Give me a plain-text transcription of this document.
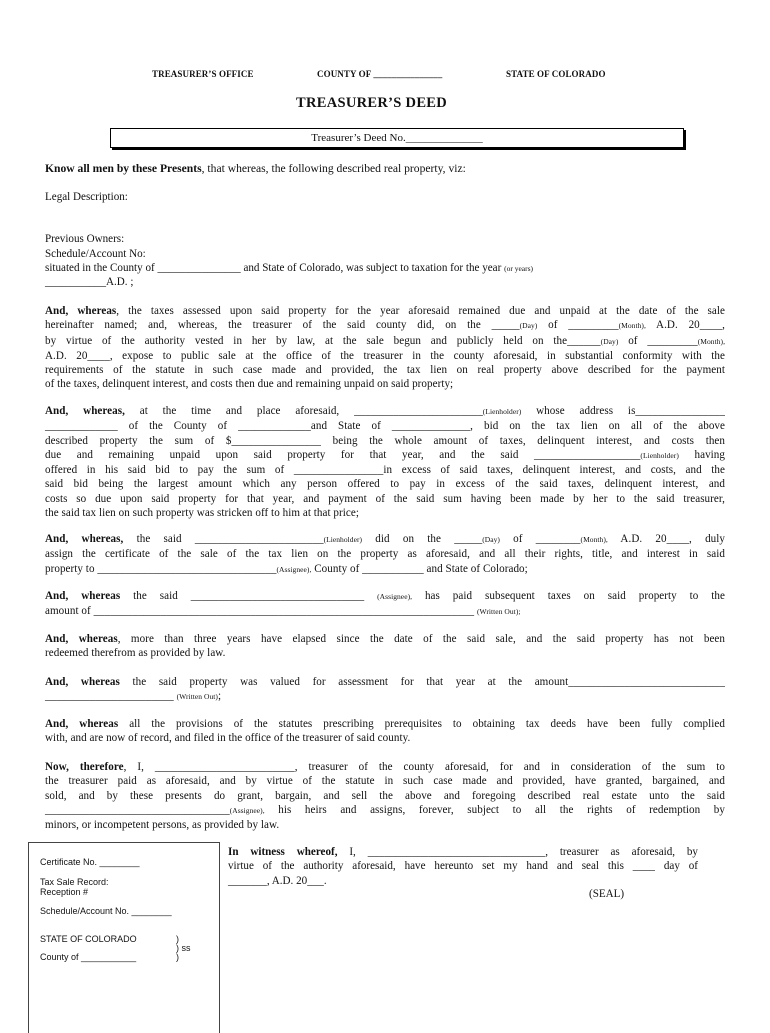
TREASURER’S OFFICE	COUNTY OF _______________	STATE OF COLORADO
TREASURER’S DEED
Treasurer’s Deed No.______________
Know all men by these Presents, that whereas, the following described real property, viz:
Legal Description:
Previous Owners:
Schedule/Account No:
situated in the County of _______________ and State of Colorado, was subject to taxation for the year (or years)
___________A.D. ;
And, whereas, the taxes assessed upon said property for the year aforesaid remained due and unpaid at the date of the sale
hereinafter named; and, whereas, the treasurer of the said county did, on the _____(Day) of _________(Month), A.D. 20____,
by virtue of the authority vested in her by law, at the sale begun and publicly held on the______(Day) of _________(Month),
A.D. 20____, expose to public sale at the office of the treasurer in the county aforesaid, in substantial conformity with the
requirements of the statute in such case made and provided, the tax lien on real property above described for the payment
of the taxes, delinquent interest, and costs then due and remaining unpaid on said property;
And, whereas, at the time and place aforesaid, _______________________(Lienholder) whose address is________________
_____________ of the County of _____________and State of ______________, bid on the tax lien on all of the above
described property the sum of $________________ being the whole amount of taxes, delinquent interest, and costs then
due and remaining unpaid upon said property for that year, and the said ___________________(Lienholder) having
offered in his said bid to pay the sum of ________________in excess of said taxes, delinquent interest, and costs, and the
said bid being the largest amount which any person offered to pay in excess of the said taxes, delinquent interest, and
costs so due upon said property for that year, and payment of the said sum having been made by her to the said treasurer,
the said tax lien on such property was stricken off to him at that price;
And, whereas, the said _______________________(Lienholder) did on the _____(Day) of ________(Month), A.D. 20____, duly
assign the certificate of the sale of the tax lien on the property as aforesaid, and all their rights, title, and interest in said
property to ________________________________(Assignee), County of ___________ and State of Colorado;
And, whereas the said _______________________________ (Assignee), has paid subsequent taxes on said property to the
amount of ____________________________________________________________________ (Written Out);
And, whereas, more than three years have elapsed since the date of the said sale, and the said property has not been
redeemed therefrom as provided by law.
And, whereas the said property was valued for assessment for that year at the amount____________________________
_______________________ (Written Out);
And, whereas all the provisions of the statutes prescribing prerequisites to obtaining tax deeds have been fully complied
with, and are now of record, and filed in the office of the treasurer of said county.
Now, therefore, I, _________________________, treasurer of the county aforesaid, for and in consideration of the sum to
the treasurer paid as aforesaid, and by virtue of the statute in such case made and provided, have granted, bargained, and
sold, and by these presents do grant, bargain, and sell the above and foregoing described real estate unto the said
_________________________________(Assignee), his heirs and assigns, forever, subject to all the rights of redemption by
minors, or incompetent persons, as provided by law.
Certificate No. ________
Tax Sale Record:
Reception #
Schedule/Account No. ________
STATE OF COLORADO	)
) ss
)
County of ___________
In witness whereof, I, ________________________________, treasurer as aforesaid, by
virtue of the authority aforesaid, have hereunto set my hand and seal this ____ day of
_______, A.D. 20___.
(SEAL)
